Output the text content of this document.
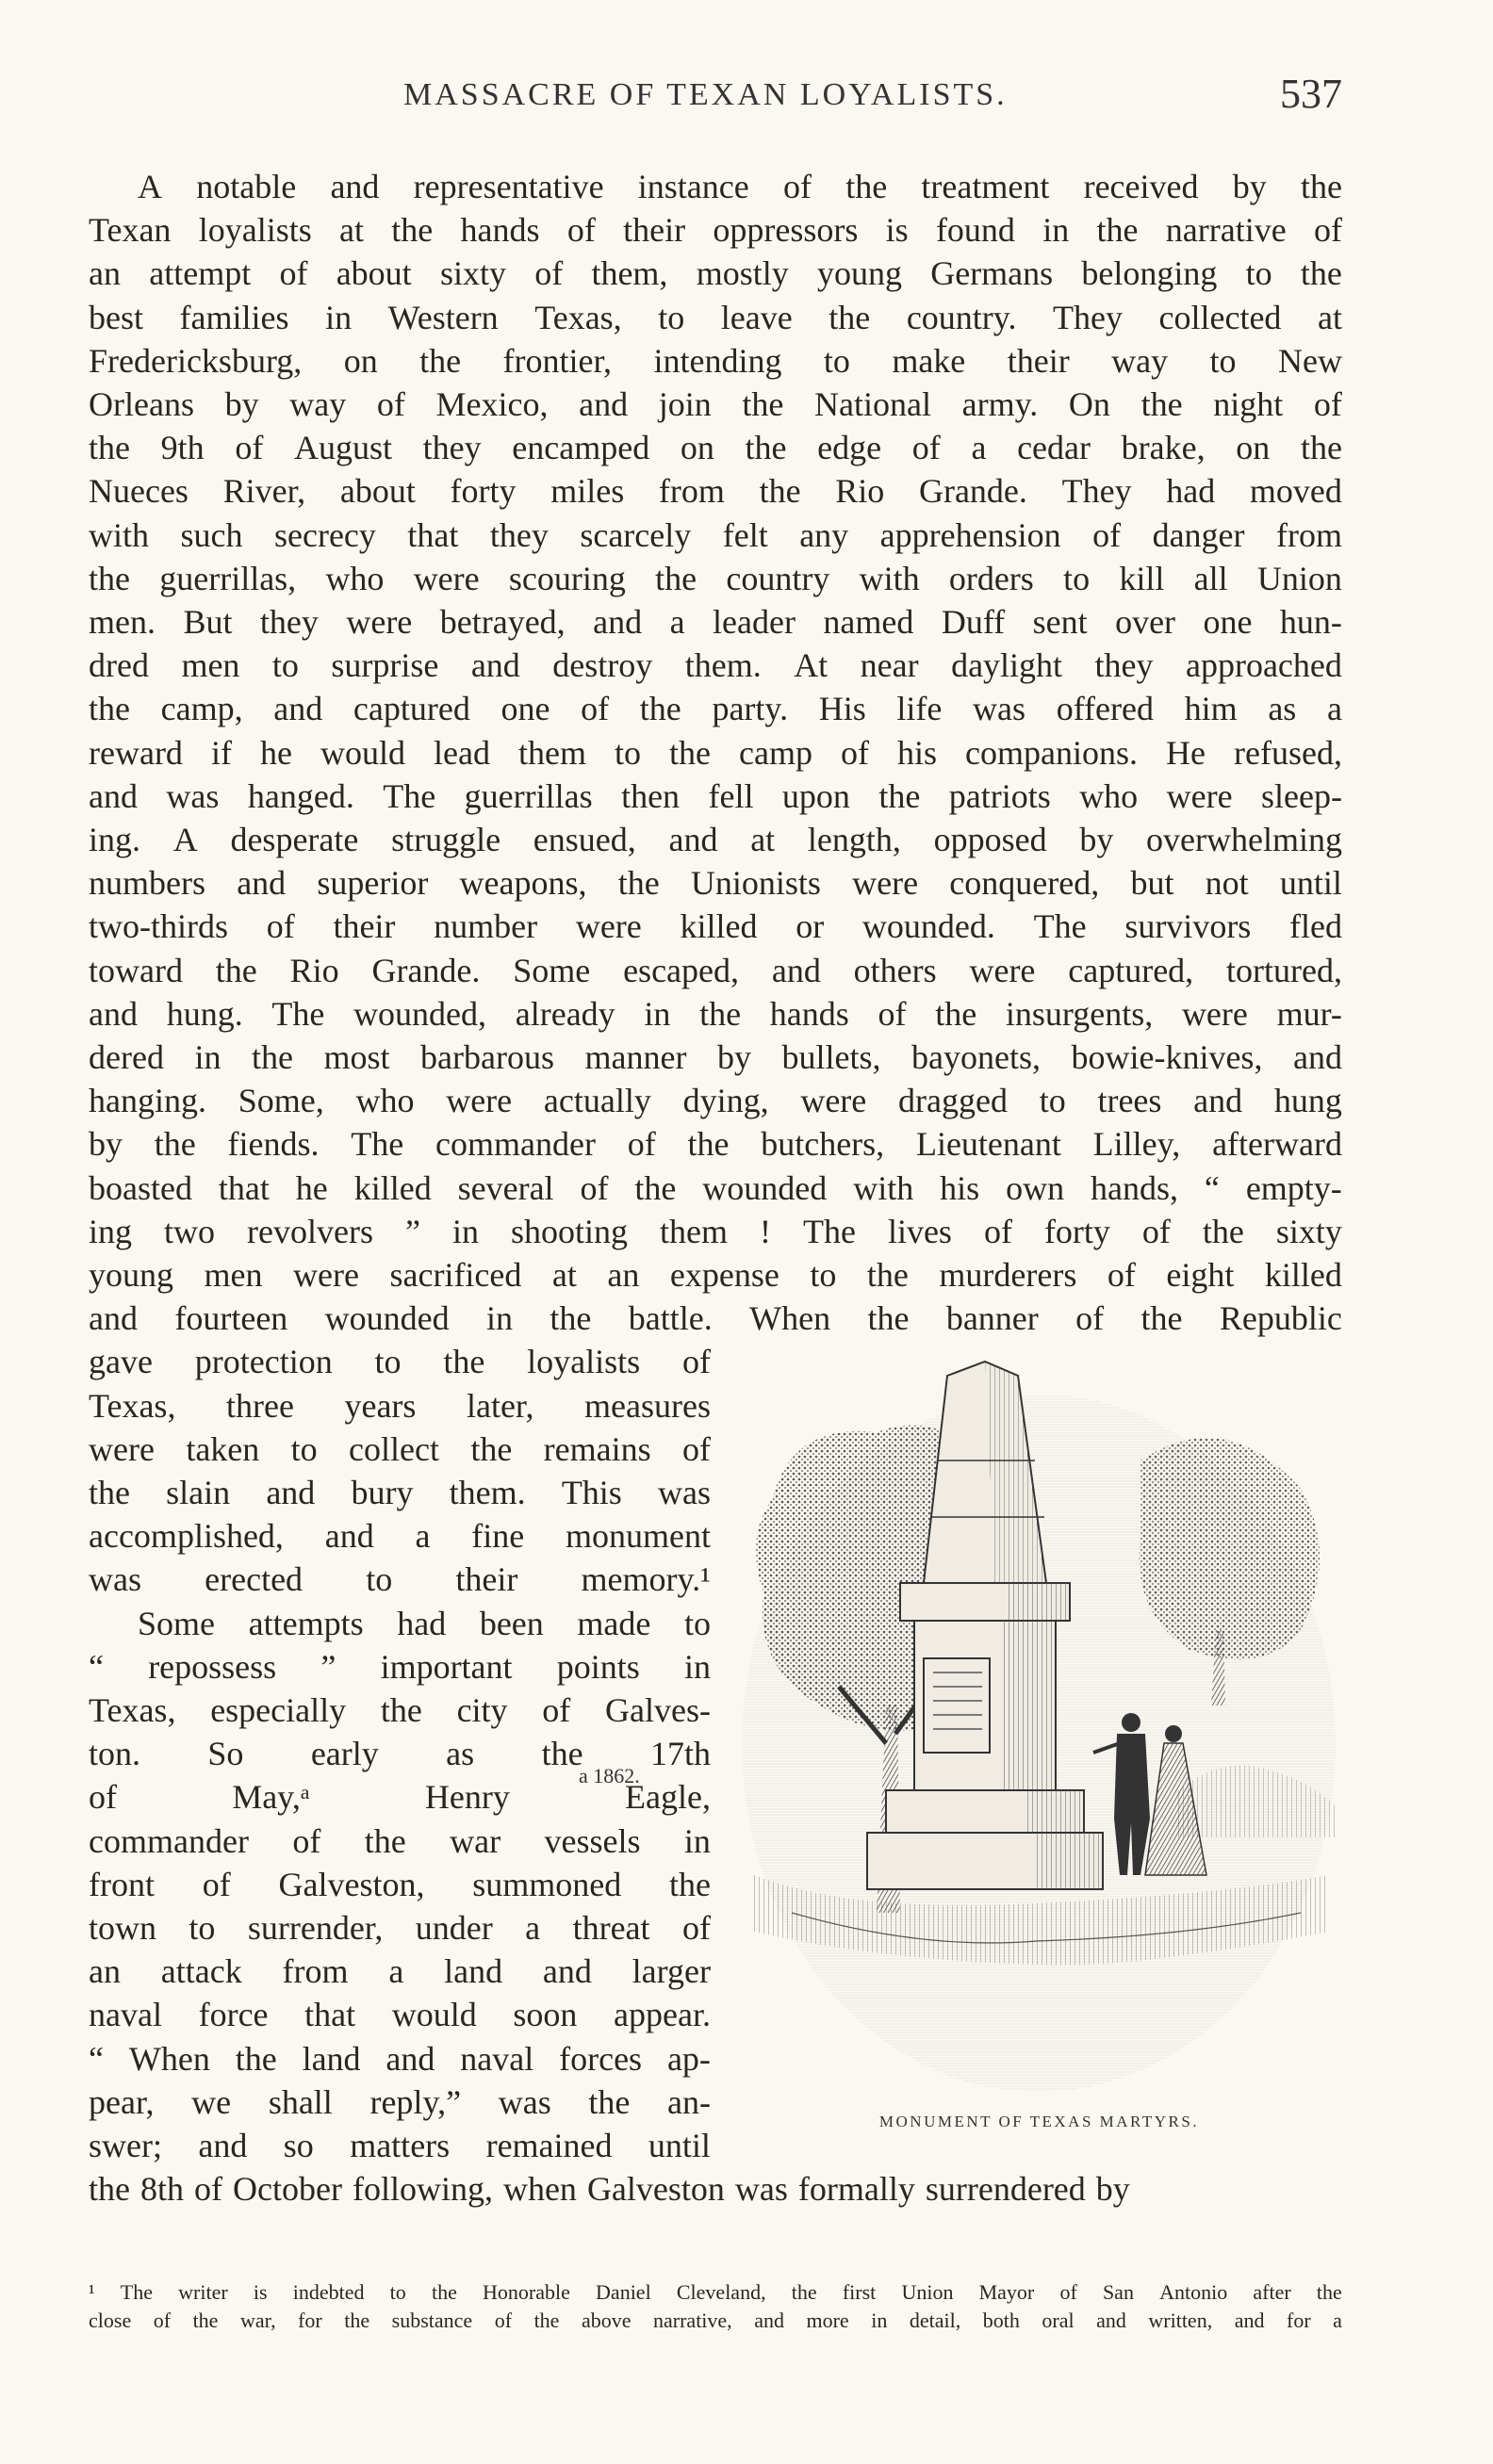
MASSACRE OF TEXAN LOYALISTS.	537
A notable and representative instance of the treatment received by the
Texan loyalists at the hands of their oppressors is found in the narrative of
an attempt of about sixty of them, mostly young Germans belonging to the
best families in Western Texas, to leave the country. They collected at
Fredericksburg, on the frontier, intending to make their way to New
Orleans by way of Mexico, and join the National army. On the night of
the 9th of August they encamped on the edge of a cedar brake, on the
Nueces River, about forty miles from the Rio Grande. They had moved
with such secrecy that they scarcely felt any apprehension of danger from
the guerrillas, who were scouring the country with orders to kill all Union
men. But they were betrayed, and a leader named Duff sent over one hun-
dred men to surprise and destroy them. At near daylight they approached
the camp, and captured one of the party. His life was offered him as a
reward if he would lead them to the camp of his companions. He refused,
and was hanged. The guerrillas then fell upon the patriots who were sleep-
ing. A desperate struggle ensued, and at length, opposed by overwhelming
numbers and superior weapons, the Unionists were conquered, but not until
two-thirds of their number were killed or wounded. The survivors fled
toward the Rio Grande. Some escaped, and others were captured, tortured,
and hung. The wounded, already in the hands of the insurgents, were mur-
dered in the most barbarous manner by bullets, bayonets, bowie-knives, and
hanging. Some, who were actually dying, were dragged to trees and hung
by the fiends. The commander of the butchers, Lieutenant Lilley, afterward
boasted that he killed several of the wounded with his own hands, “ empty-
ing two revolvers ” in shooting them ! The lives of forty of the sixty
young men were sacrificed at an expense to the murderers of eight killed
and fourteen wounded in the battle. When the banner of the Republic
gave protection to the loyalists of
Texas, three years later, measures
were taken to collect the remains of
the slain and bury them. This was
accomplished, and a fine monument
was erected to their memory.¹
Some attempts had been made to
“ repossess ” important points in
Texas, especially the city of Galves-
ton. So early as the 17th
of	May,ᵃ	Henry	Eagle,
commander of the war vessels in
front of Galveston, summoned the
town to surrender, under a threat of
an attack from a land and larger
naval force that would soon appear.
“ When the land and naval forces ap-
pear, we shall reply,” was the an-
swer; and so matters remained until
the 8th of October following, when Galveston was formally surrendered by
a 1862.
MONUMENT OF TEXAS MARTYRS.
¹ The writer is indebted to the Honorable Daniel Cleveland, the first Union Mayor of San Antonio after the
close of the war, for the substance of the above narrative, and more in detail, both oral and written, and for a
